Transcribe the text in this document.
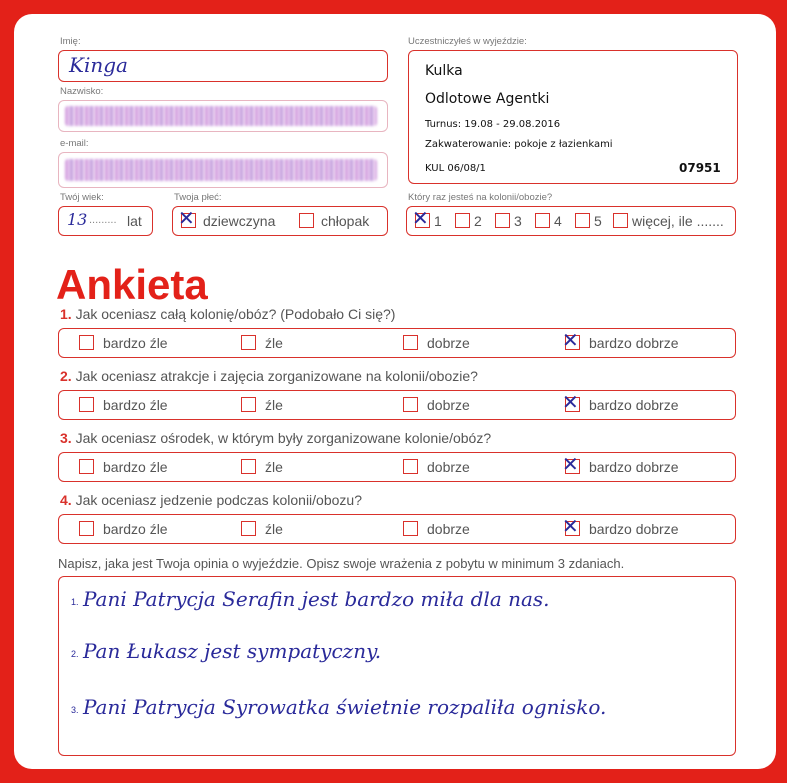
Imię:
Kinga
Nazwisko:
e-mail:
Uczestniczyłeś w wyjeździe:
Kulka
Odlotowe Agentki
Turnus: 19.08 - 29.08.2016
Zakwaterowanie: pokoje z łazienkami
KUL 06/08/1	07951
Twój wiek:
13 ......... lat
Twoja płeć:
✕ dziewczyna	chłopak
Który raz jesteś na kolonii/obozie?
✕ 1 2 3 4 5 więcej, ile .......
Ankieta
1. Jak oceniasz całą kolonię/obóz? (Podobało Ci się?)
bardzo źle	źle	dobrze	✕ bardzo dobrze
2. Jak oceniasz atrakcje i zajęcia zorganizowane na kolonii/obozie?
bardzo źle	źle	dobrze	✕ bardzo dobrze
3. Jak oceniasz ośrodek, w którym były zorganizowane kolonie/obóz?
bardzo źle	źle	dobrze	✕ bardzo dobrze
4. Jak oceniasz jedzenie podczas kolonii/obozu?
bardzo źle	źle	dobrze	✕ bardzo dobrze
Napisz, jaka jest Twoja opinia o wyjeździe. Opisz swoje wrażenia z pobytu w minimum 3 zdaniach.
1. Pani Patrycja Serafin jest bardzo miła dla nas.
2. Pan Łukasz jest sympatyczny.
3. Pani Patrycja Syrowatka świetnie rozpaliła ognisko.
